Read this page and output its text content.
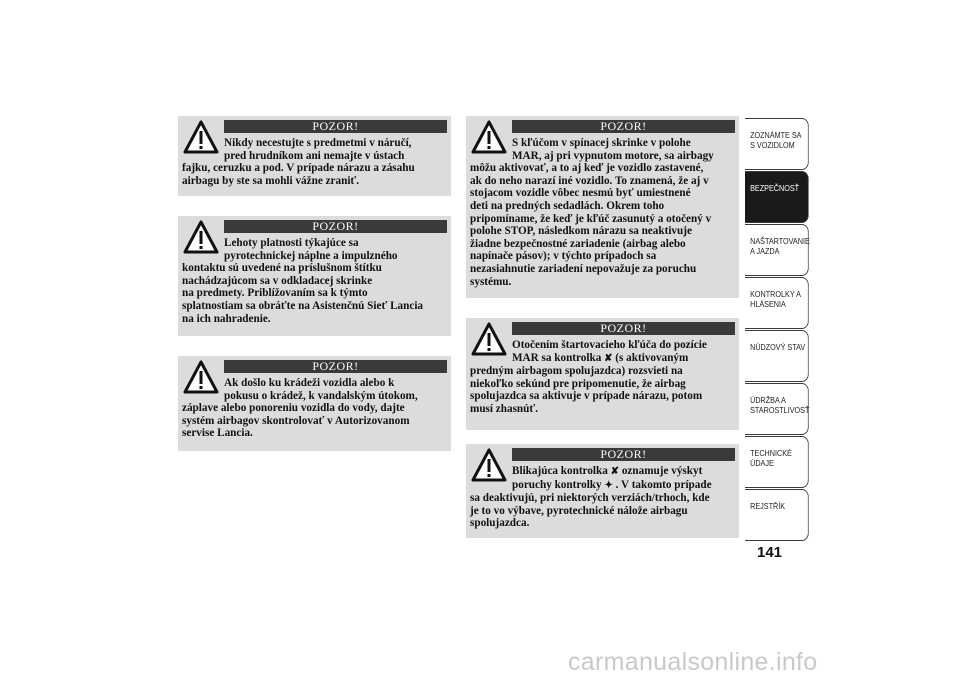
POZOR!

Nikdy necestujte s predmetmi v náručí,

pred hrudníkom ani nemajte v ústach

fajku, ceruzku a pod. V prípade nárazu a zásahu

airbagu by ste sa mohli vážne zraniť.

POZOR!

Lehoty platnosti týkajúce sa

pyrotechnickej náplne a impulzného

kontaktu sú uvedené na príslušnom štítku

nachádzajúcom sa v odkladacej skrinke

na predmety. Priblížovaním sa k týmto

splatnostiam sa obráťte na Asistenčnú Sieť Lancia

na ich nahradenie.

POZOR!

Ak došlo ku krádeži vozidla alebo k

pokusu o krádež, k vandalským útokom,

záplave alebo ponoreniu vozidla do vody, dajte

systém airbagov skontrolovať v Autorizovanom

servise Lancia.

POZOR!

S kľúčom v spínacej skrinke v polohe

MAR, aj pri vypnutom motore, sa airbagy

môžu aktivovať, a to aj keď je vozidlo zastavené,

ak do neho narazí iné vozidlo. To znamená, že aj v

stojacom vozidle vôbec nesmú byť umiestnené

deti na predných sedadlách. Okrem toho

pripomíname, že keď je kľúč zasunutý a otočený v

polohe STOP, následkom nárazu sa neaktivuje

žiadne bezpečnostné zariadenie (airbag alebo

napínače pásov); v týchto prípadoch sa

nezasiahnutie zariadení nepovažuje za poruchu

systému.

POZOR!

Otočením štartovacieho kľúča do pozície

MAR sa kontrolka ✘ (s aktivovaným

predným airbagom spolujazdca) rozsvieti na

niekoľko sekúnd pre pripomenutie, že airbag

spolujazdca sa aktivuje v prípade nárazu, potom

musí zhasnúť.

POZOR!

Blikajúca kontrolka ✘ oznamuje výskyt

poruchy kontrolky ✦ . V takomto prípade

sa deaktivujú, pri niektorých verziách/trhoch, kde

je to vo výbave, pyrotechnické nálože airbagu

spolujazdca.

ZOZNÁMTE SA S VOZIDLOM
BEZPEČNOSŤ
NAŠTARTOVANIE A JAZDA
KONTROLKY A HLÁSENIA
NÚDZOVÝ STAV
ÚDRŽBA A STAROSTLIVOSŤ
TECHNICKÉ ÚDAJE
REJSTŘÍK
141
carmanualsonline.info
